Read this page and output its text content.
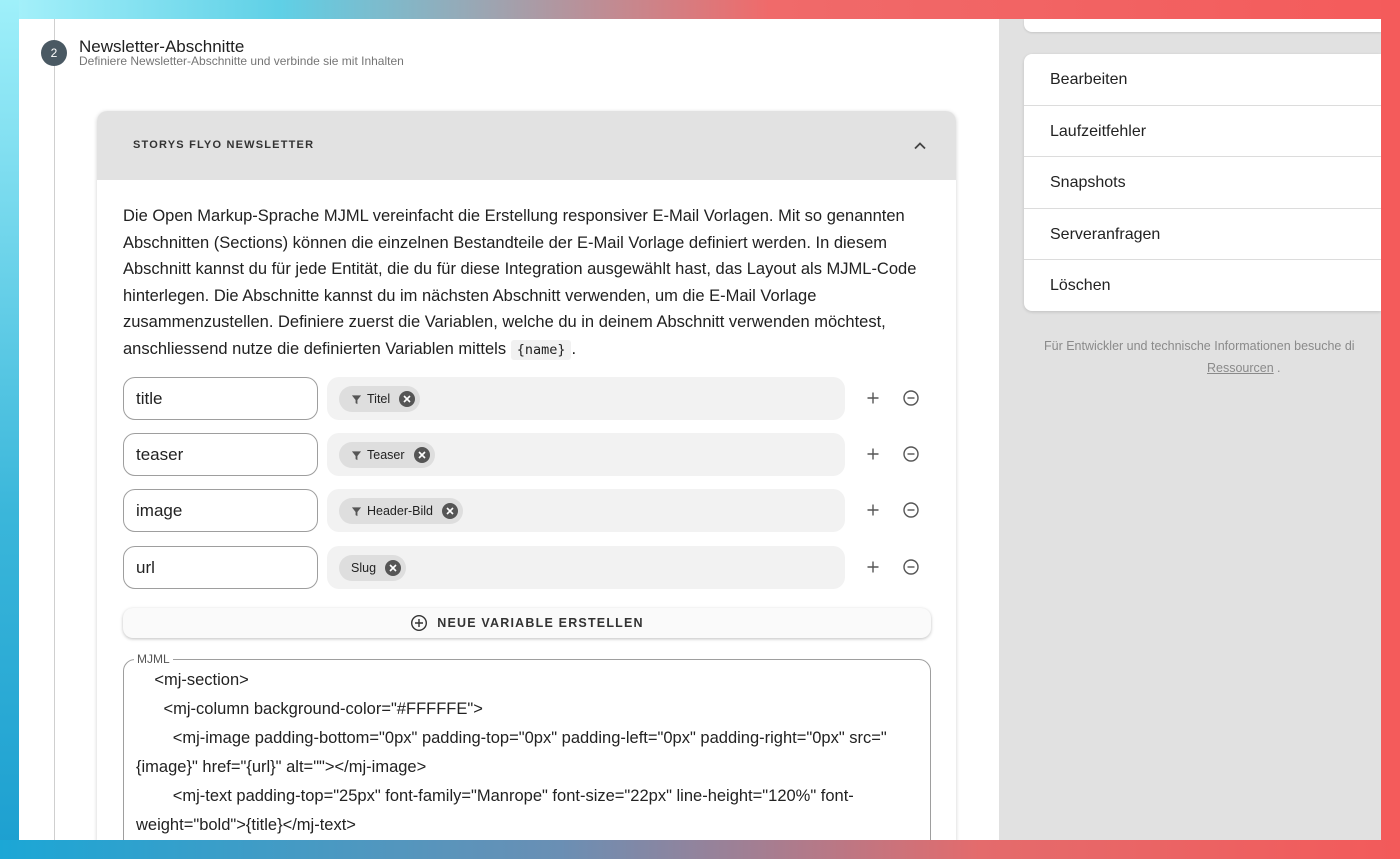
2	Newsletter-Abschnitte
Definiere Newsletter-Abschnitte und verbinde sie mit Inhalten
STORYS FLYO NEWSLETTER
Die Open Markup-Sprache MJML vereinfacht die Erstellung responsiver E-Mail Vorlagen. Mit so genannten Abschnitten (Sections) können die einzelnen Bestandteile der E-Mail Vorlage definiert werden. In diesem Abschnitt kannst du für jede Entität, die du für diese Integration ausgewählt hast, das Layout als MJML-Code hinterlegen. Die Abschnitte kannst du im nächsten Abschnitt verwenden, um die E-Mail Vorlage zusammenzustellen. Definiere zuerst die Variablen, welche du in deinem Abschnitt verwenden möchtest, anschliessend nutze die definierten Variablen mittels {name} .
title	Titel
teaser	Teaser
image	Header-Bild
url	Slug
NEUE VARIABLE ERSTELLEN
MJML
<mj-section>
<mj-column background-color="#FFFFFE">
<mj-image padding-bottom="0px" padding-top="0px" padding-left="0px" padding-right="0px" src="{image}" href="{url}" alt=""></mj-image>
<mj-text padding-top="25px" font-family="Manrope" font-size="22px" line-height="120%" font-weight="bold">{title}</mj-text>
Bearbeiten
Laufzeitfehler
Snapshots
Serveranfragen
Löschen
Für Entwickler und technische Informationen besuche di
Ressourcen .
